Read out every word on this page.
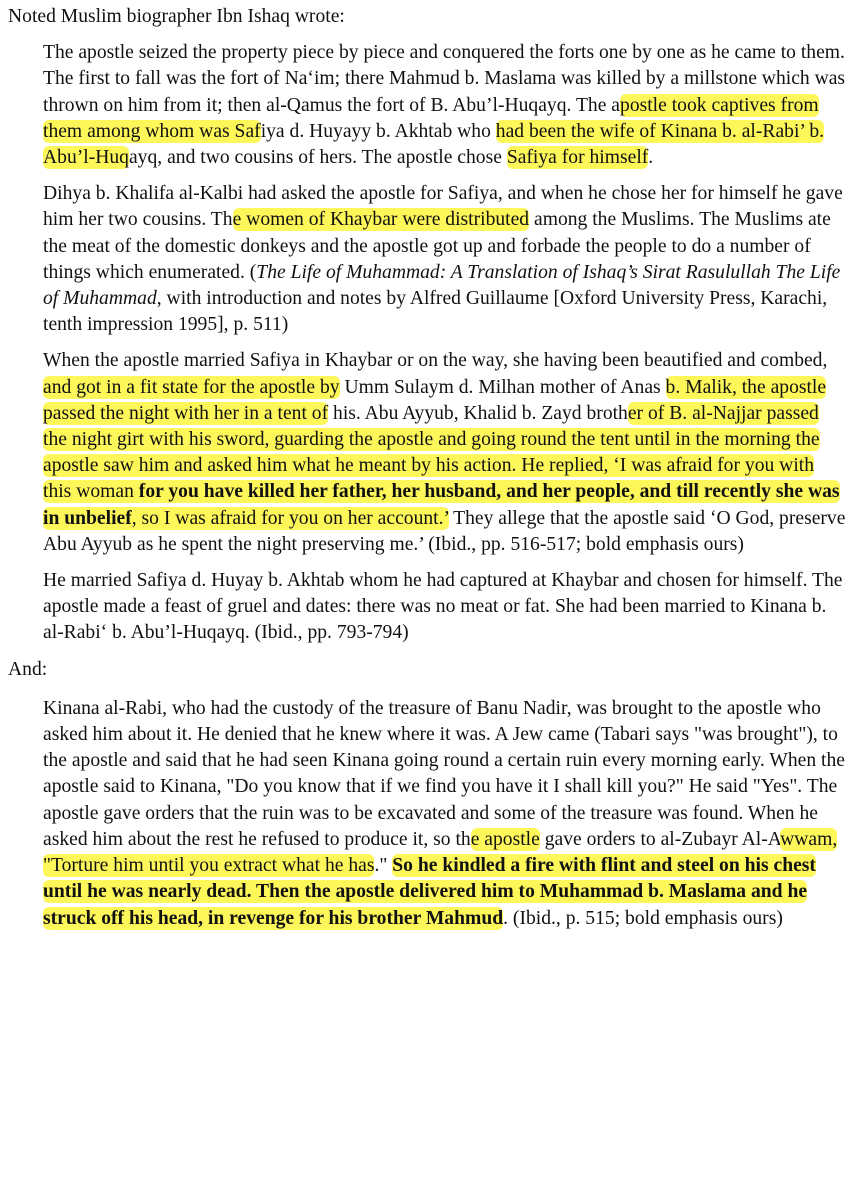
Noted Muslim biographer Ibn Ishaq wrote:

The apostle seized the property piece by piece and conquered the forts one by one as he came to them. The first to fall was the fort of Na‘im; there Mahmud b. Maslama was killed by a millstone which was thrown on him from it; then al-Qamus the fort of B. Abu’l-Huqayq. The apostle took captives from them among whom was Safiya d. Huyayy b. Akhtab who had been the wife of Kinana b. al-Rabi’ b. Abu’l-Huqayq, and two cousins of hers. The apostle chose Safiya for himself.

Dihya b. Khalifa al-Kalbi had asked the apostle for Safiya, and when he chose her for himself he gave him her two cousins. The women of Khaybar were distributed among the Muslims. The Muslims ate the meat of the domestic donkeys and the apostle got up and forbade the people to do a number of things which enumerated. (The Life of Muhammad: A Translation of Ishaq’s Sirat Rasulullah The Life of Muhammad, with introduction and notes by Alfred Guillaume [Oxford University Press, Karachi, tenth impression 1995], p. 511)

When the apostle married Safiya in Khaybar or on the way, she having been beautified and combed, and got in a fit state for the apostle by Umm Sulaym d. Milhan mother of Anas b. Malik, the apostle passed the night with her in a tent of his. Abu Ayyub, Khalid b. Zayd brother of B. al-Najjar passed the night girt with his sword, guarding the apostle and going round the tent until in the morning the apostle saw him and asked him what he meant by his action. He replied, ‘I was afraid for you with this woman for you have killed her father, her husband, and her people, and till recently she was in unbelief, so I was afraid for you on her account.’ They allege that the apostle said ‘O God, preserve Abu Ayyub as he spent the night preserving me.’ (Ibid., pp. 516-517; bold emphasis ours)

He married Safiya d. Huyay b. Akhtab whom he had captured at Khaybar and chosen for himself. The apostle made a feast of gruel and dates: there was no meat or fat. She had been married to Kinana b. al-Rabi‘ b. Abu’l-Huqayq. (Ibid., pp. 793-794)

And:

Kinana al-Rabi, who had the custody of the treasure of Banu Nadir, was brought to the apostle who asked him about it. He denied that he knew where it was. A Jew came (Tabari says "was brought"), to the apostle and said that he had seen Kinana going round a certain ruin every morning early. When the apostle said to Kinana, "Do you know that if we find you have it I shall kill you?" He said "Yes". The apostle gave orders that the ruin was to be excavated and some of the treasure was found. When he asked him about the rest he refused to produce it, so the apostle gave orders to al-Zubayr Al-Awwam, "Torture him until you extract what he has." So he kindled a fire with flint and steel on his chest until he was nearly dead. Then the apostle delivered him to Muhammad b. Maslama and he struck off his head, in revenge for his brother Mahmud. (Ibid., p. 515; bold emphasis ours)
